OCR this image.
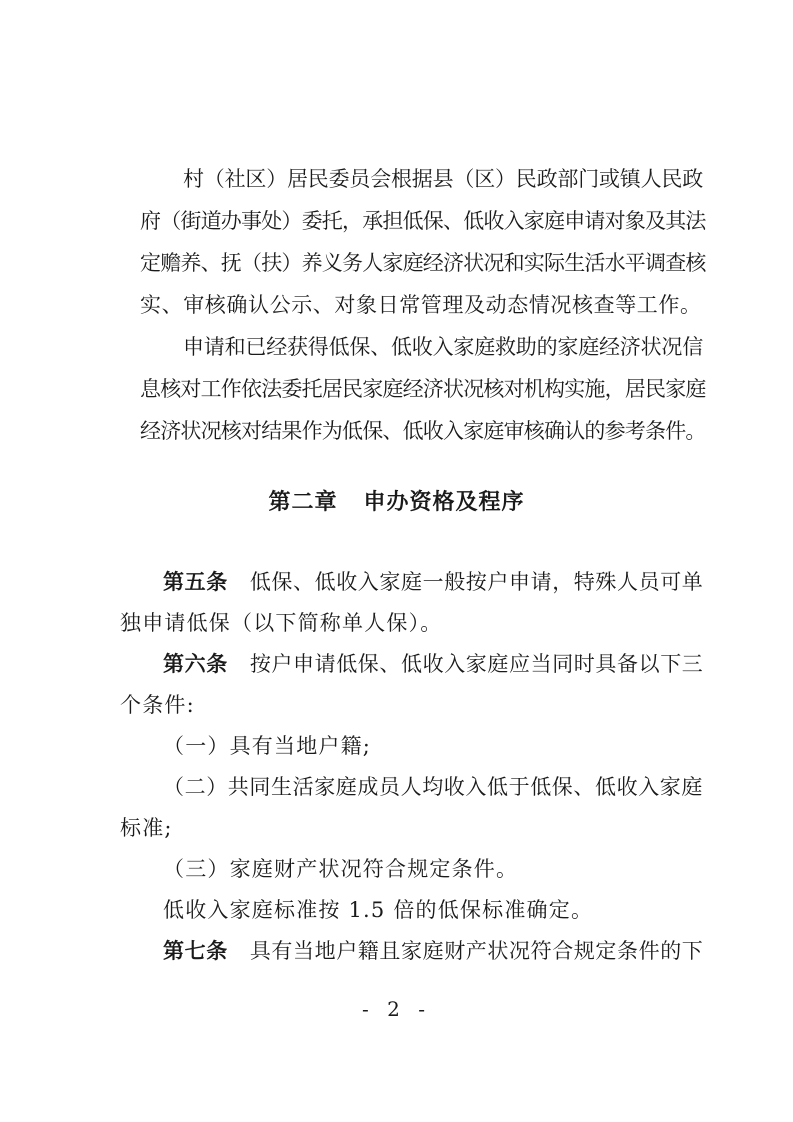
村（社区）居民委员会根据县（区）民政部门或镇人民政
府（街道办事处）委托，承担低保、低收入家庭申请对象及其法
定赡养、抚（扶）养义务人家庭经济状况和实际生活水平调查核
实、审核确认公示、对象日常管理及动态情况核查等工作。
申请和已经获得低保、低收入家庭救助的家庭经济状况信
息核对工作依法委托居民家庭经济状况核对机构实施，居民家庭
经济状况核对结果作为低保、低收入家庭审核确认的参考条件。
第二章 申办资格及程序
第五条 低保、低收入家庭一般按户申请，特殊人员可单
独申请低保（以下简称单人保）。
第六条 按户申请低保、低收入家庭应当同时具备以下三
个条件:
（一）具有当地户籍;
（二）共同生活家庭成员人均收入低于低保、低收入家庭
标准;
（三）家庭财产状况符合规定条件。
低收入家庭标准按 1.5 倍的低保标准确定。
第七条 具有当地户籍且家庭财产状况符合规定条件的下
- 2 -
